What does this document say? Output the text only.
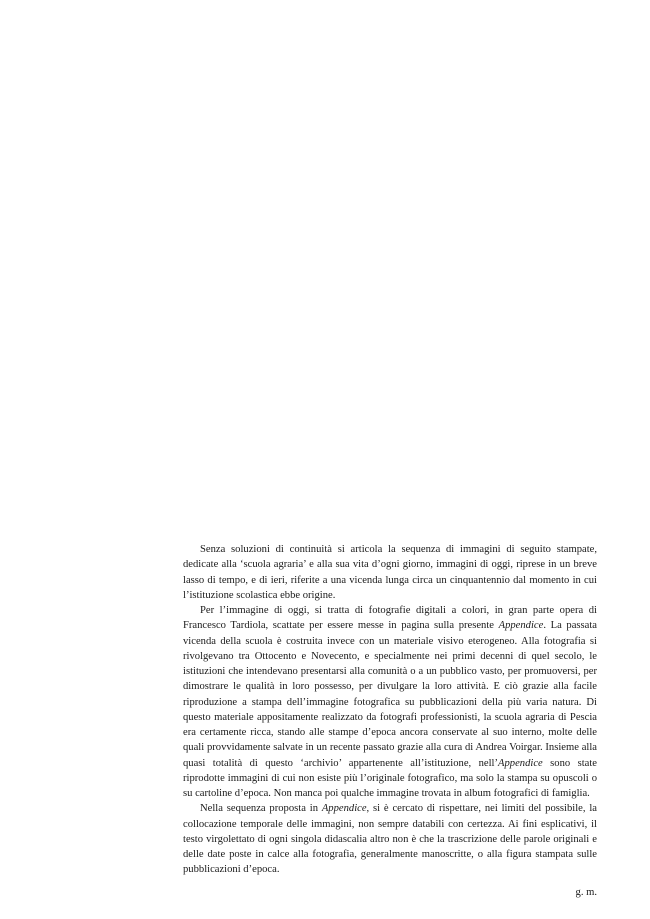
Senza soluzioni di continuità si articola la sequenza di immagini di seguito stampate, dedicate alla ‘scuola agraria’ e alla sua vita d’ogni giorno, immagini di oggi, riprese in un breve lasso di tempo, e di ieri, riferite a una vicenda lunga circa un cinquantennio dal momento in cui l’istituzione scolastica ebbe origine.

Per l’immagine di oggi, si tratta di fotografie digitali a colori, in gran parte opera di Francesco Tardiola, scattate per essere messe in pagina sulla presente Appendice. La passata vicenda della scuola è costruita invece con un materiale visivo eterogeneo. Alla fotografia si rivolgevano tra Ottocento e Novecento, e specialmente nei primi decenni di quel secolo, le istituzioni che intendevano presentarsi alla comunità o a un pubblico vasto, per promuoversi, per dimostrare le qualità in loro possesso, per divulgare la loro attività. E ciò grazie alla facile riproduzione a stampa dell’immagine fotografica su pubblicazioni della più varia natura. Di questo materiale appositamente realizzato da fotografi professionisti, la scuola agraria di Pescia era certamente ricca, stando alle stampe d’epoca ancora conservate al suo interno, molte delle quali provvidamente salvate in un recente passato grazie alla cura di Andrea Voirgar. Insieme alla quasi totalità di questo ‘archivio’ appartenente all’istituzione, nell’Appendice sono state riprodotte immagini di cui non esiste più l’originale fotografico, ma solo la stampa su opuscoli o su cartoline d’epoca. Non manca poi qualche immagine trovata in album fotografici di famiglia.

Nella sequenza proposta in Appendice, si è cercato di rispettare, nei limiti del possibile, la collocazione temporale delle immagini, non sempre databili con certezza. Ai fini esplicativi, il testo virgolettato di ogni singola didascalia altro non è che la trascrizione delle parole originali e delle date poste in calce alla fotografia, generalmente manoscritte, o alla figura stampata sulle pubblicazioni d’epoca.

g. m.
